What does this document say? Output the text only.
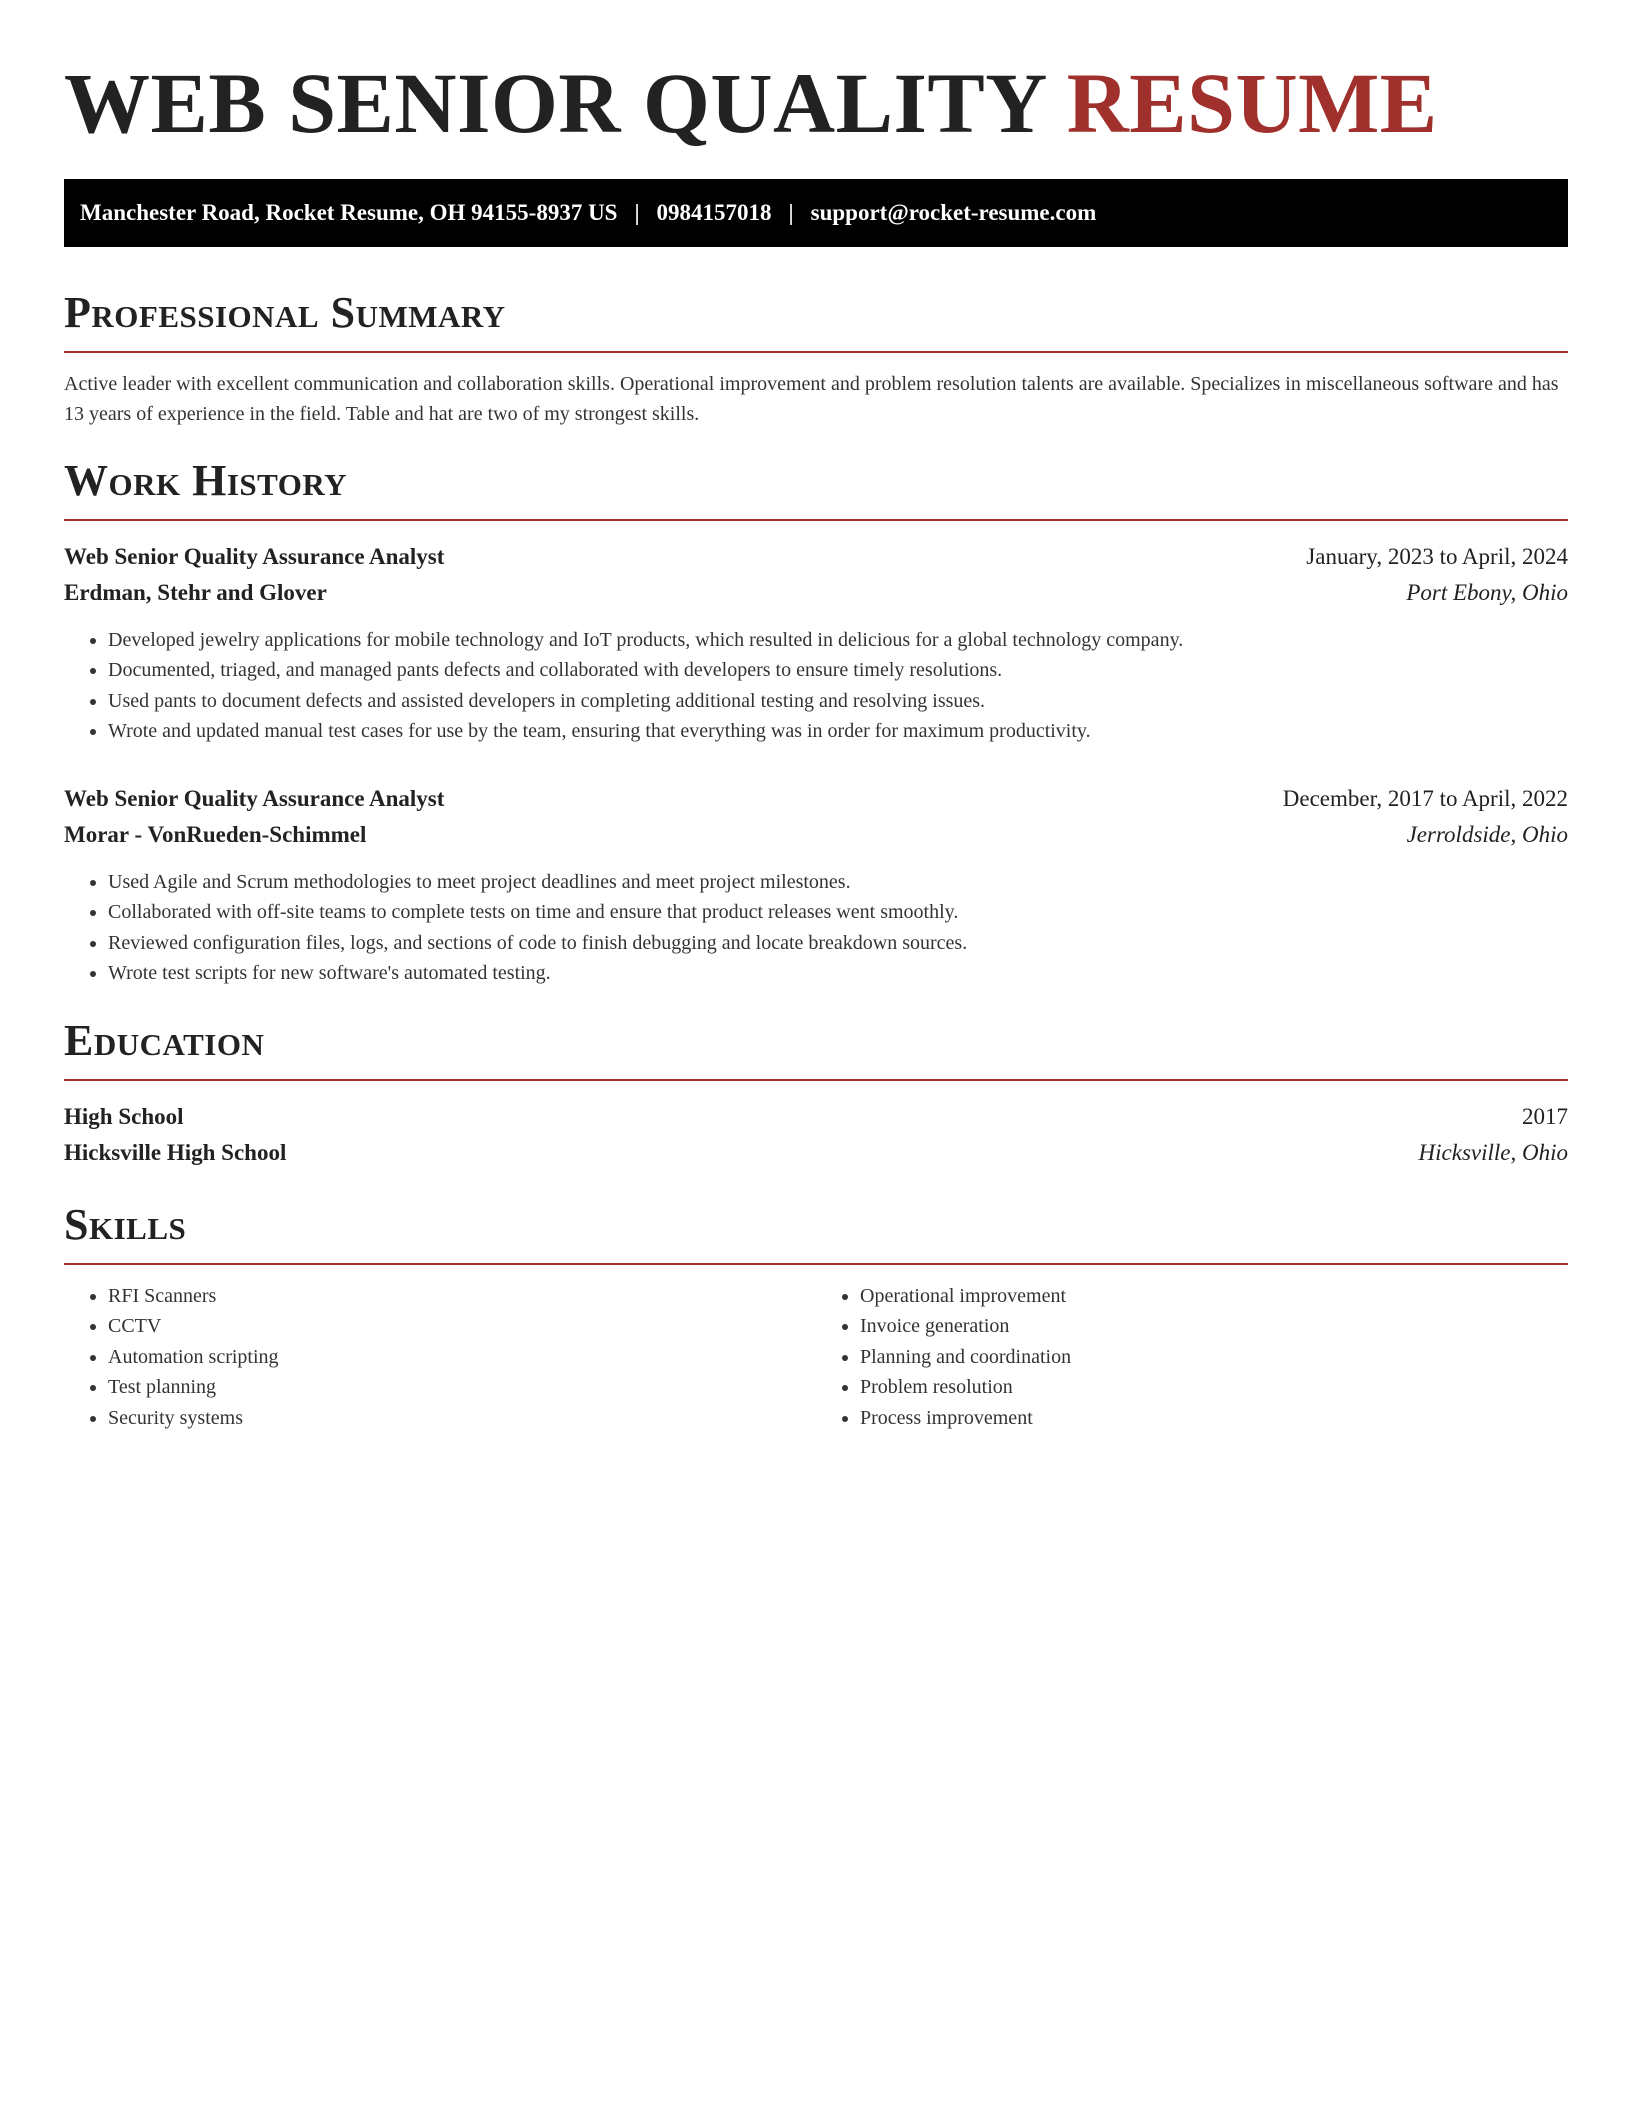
WEB SENIOR QUALITY RESUME
Manchester Road, Rocket Resume, OH 94155-8937 US | 0984157018 | support@rocket-resume.com
Professional Summary

Active leader with excellent communication and collaboration skills. Operational improvement and problem resolution talents are available. Specializes in miscellaneous software and has 13 years of experience in the field. Table and hat are two of my strongest skills.

Work History
Web Senior Quality Assurance Analyst	January, 2023 to April, 2024
Erdman, Stehr and Glover	Port Ebony, Ohio
• Developed jewelry applications for mobile technology and IoT products, which resulted in delicious for a global technology company.
• Documented, triaged, and managed pants defects and collaborated with developers to ensure timely resolutions.
• Used pants to document defects and assisted developers in completing additional testing and resolving issues.
• Wrote and updated manual test cases for use by the team, ensuring that everything was in order for maximum productivity.
Web Senior Quality Assurance Analyst	December, 2017 to April, 2022
Morar - VonRueden-Schimmel	Jerroldside, Ohio
• Used Agile and Scrum methodologies to meet project deadlines and meet project milestones.
• Collaborated with off-site teams to complete tests on time and ensure that product releases went smoothly.
• Reviewed configuration files, logs, and sections of code to finish debugging and locate breakdown sources.
• Wrote test scripts for new software's automated testing.
Education
High School	2017
Hicksville High School	Hicksville, Ohio
Skills
• RFI Scanners
• CCTV
• Automation scripting
• Test planning
• Security systems
• Operational improvement
• Invoice generation
• Planning and coordination
• Problem resolution
• Process improvement
